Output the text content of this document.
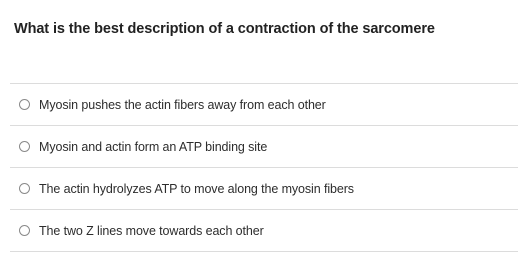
What is the best description of a contraction of the sarcomere
Myosin pushes the actin fibers away from each other
Myosin and actin form an ATP binding site
The actin hydrolyzes ATP to move along the myosin fibers
The two Z lines move towards each other
